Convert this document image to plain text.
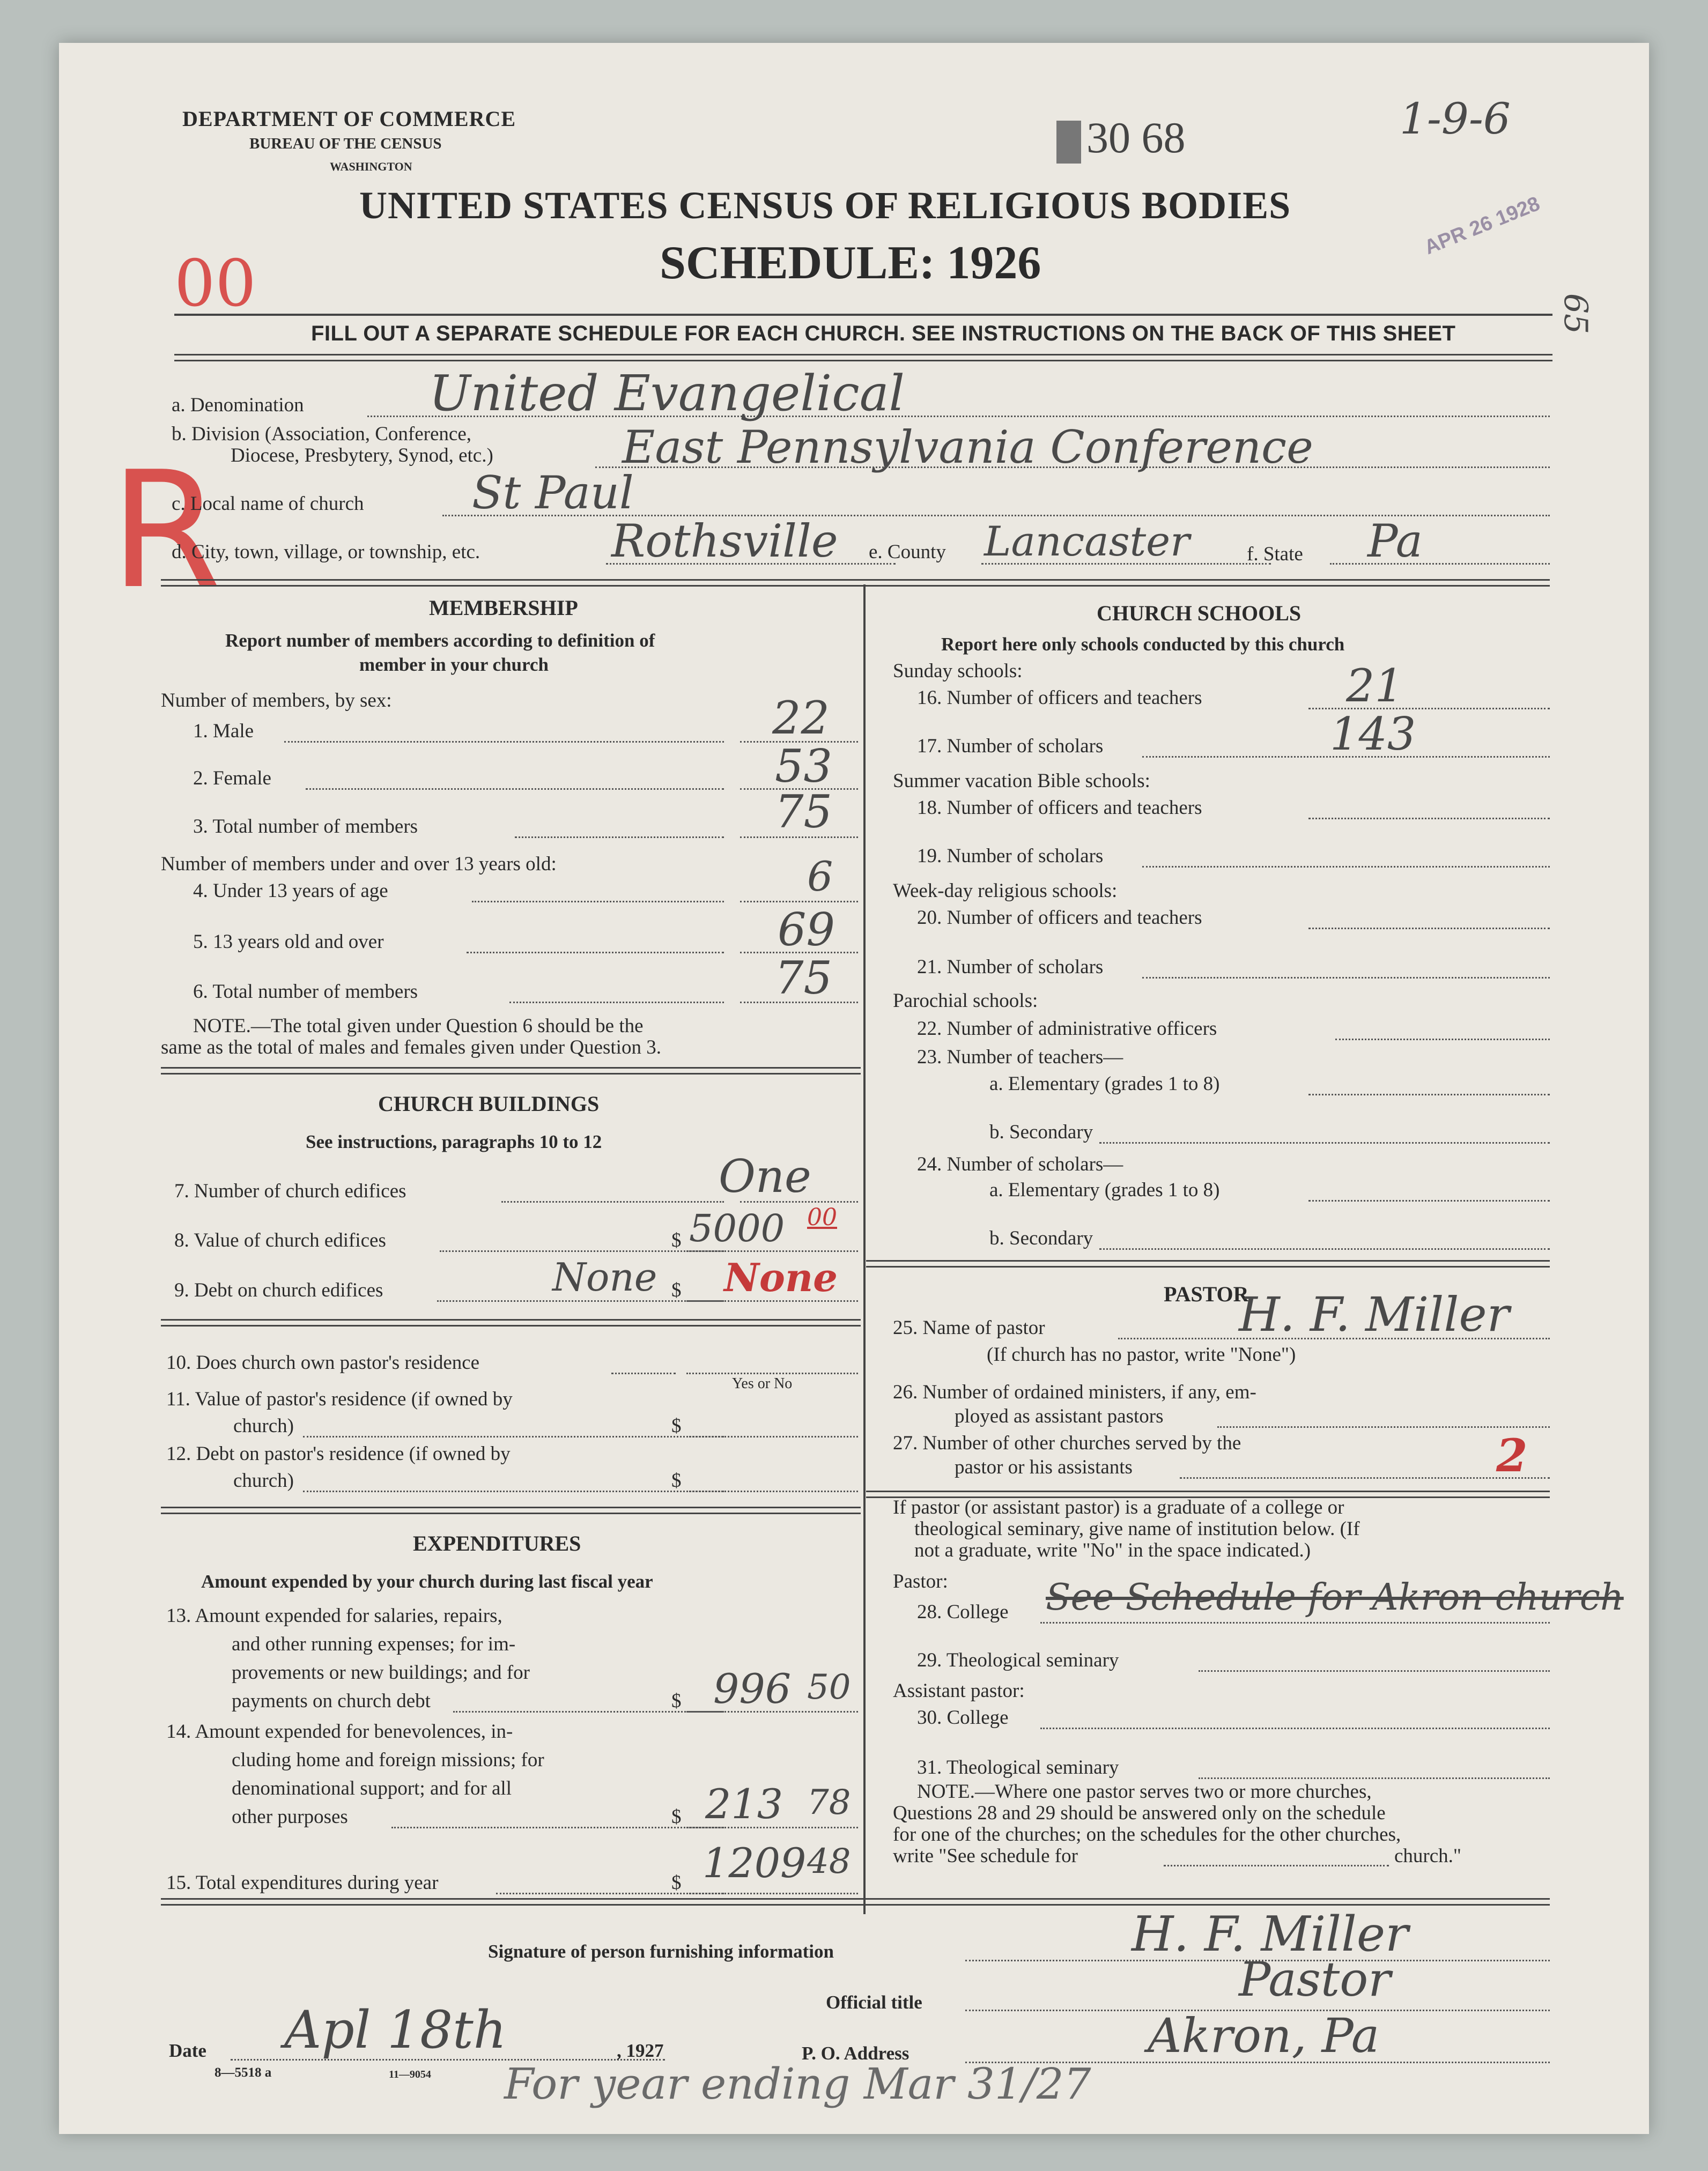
DEPARTMENT OF COMMERCE
BUREAU OF THE CENSUS
WASHINGTON
30 68	1-9-6
65
APR 26 1928
UNITED STATES CENSUS OF RELIGIOUS BODIES
SCHEDULE: 1926
00
R
FILL OUT A SEPARATE SCHEDULE FOR EACH CHURCH. SEE INSTRUCTIONS ON THE BACK OF THIS SHEET
a. Denomination	United Evangelical
b. Division (Association, Conference,
Diocese, Presbytery, Synod, etc.)	East Pennsylvania Conference
c. Local name of church St Paul
d. City, town, village, or township, etc.	Rothsville e. County Lancaster	f. State Pa
MEMBERSHIP
Report number of members according to definition of
member in your church
Number of members, by sex:
1. Male	22
2. Female	53
3. Total number of members	75
Number of members under and over 13 years old:
4. Under 13 years of age	6
5. 13 years old and over	69
6. Total number of members	75
NOTE.—The total given under Question 6 should be the
same as the total of males and females given under Question 3.
CHURCH BUILDINGS
See instructions, paragraphs 10 to 12
7. Number of church edifices	One
8. Value of church edifices	$ 5000 00
9. Debt on church edifices	None $ None
10. Does church own pastor's residence
Yes or No
11. Value of pastor's residence (if owned by
church)	$
12. Debt on pastor's residence (if owned by
church)	$
EXPENDITURES
Amount expended by your church during last fiscal year
13. Amount expended for salaries, repairs,
and other running expenses; for im-
provements or new buildings; and for
payments on church debt	$ 996 50
14. Amount expended for benevolences, in-
cluding home and foreign missions; for
denominational support; and for all
other purposes	$ 213 78
15. Total expenditures during year	$ 1209 48
CHURCH SCHOOLS
Report here only schools conducted by this church
Sunday schools:
16. Number of officers and teachers	21
17. Number of scholars	143
Summer vacation Bible schools:
18. Number of officers and teachers
19. Number of scholars
Week-day religious schools:
20. Number of officers and teachers
21. Number of scholars
Parochial schools:
22. Number of administrative officers
23. Number of teachers—
a. Elementary (grades 1 to 8)
b. Secondary
24. Number of scholars—
a. Elementary (grades 1 to 8)
b. Secondary
PASTOR
25. Name of pastor	H. F. Miller
(If church has no pastor, write "None")
26. Number of ordained ministers, if any, em-
ployed as assistant pastors
27. Number of other churches served by the
pastor or his assistants	2
If pastor (or assistant pastor) is a graduate of a college or
theological seminary, give name of institution below. (If
not a graduate, write "No" in the space indicated.)
Pastor:
28. College See Schedule for Akron church
29. Theological seminary
Assistant pastor:
30. College
31. Theological seminary
NOTE.—Where one pastor serves two or more churches,
Questions 28 and 29 should be answered only on the schedule
for one of the churches; on the schedules for the other churches,
write "See schedule for	church."
Signature of person furnishing information	H. F. Miller
Official title	Pastor
Date Apl 18th	, 1927	P. O. Address	Akron, Pa
8—5518 a	11—9054 For year ending Mar 31/27
